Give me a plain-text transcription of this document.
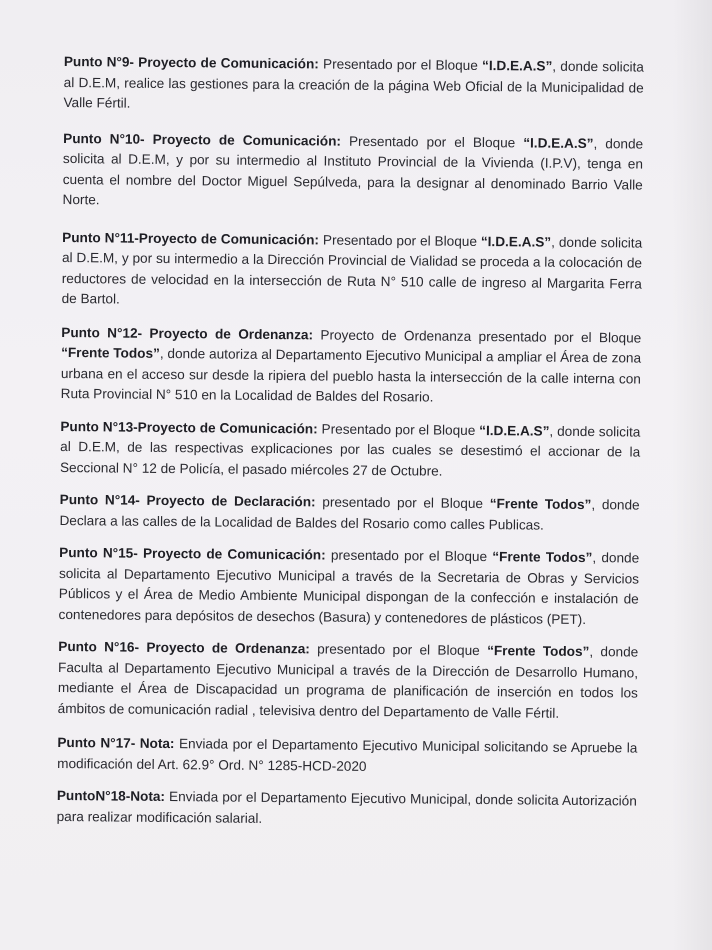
Punto N°9- Proyecto de Comunicación: Presentado por el Bloque “I.D.E.A.S”, donde solicita al D.E.M, realice las gestiones para la creación de la página Web Oficial de la Municipalidad de Valle Fértil.

Punto N°10- Proyecto de Comunicación: Presentado por el Bloque “I.D.E.A.S”, donde solicita al D.E.M, y por su intermedio al Instituto Provincial de la Vivienda (I.P.V), tenga en cuenta el nombre del Doctor Miguel Sepúlveda, para la designar al denominado Barrio Valle Norte.

Punto N°11-Proyecto de Comunicación: Presentado por el Bloque “I.D.E.A.S”, donde solicita al D.E.M, y por su intermedio a la Dirección Provincial de Vialidad se proceda a la colocación de reductores de velocidad en la intersección de Ruta N° 510 calle de ingreso al Margarita Ferra de Bartol.

Punto N°12- Proyecto de Ordenanza: Proyecto de Ordenanza presentado por el Bloque “Frente Todos”, donde autoriza al Departamento Ejecutivo Municipal a ampliar el Área de zona urbana en el acceso sur desde la ripiera del pueblo hasta la intersección de la calle interna con Ruta Provincial N° 510 en la Localidad de Baldes del Rosario.

Punto N°13-Proyecto de Comunicación: Presentado por el Bloque “I.D.E.A.S”, donde solicita al D.E.M, de las respectivas explicaciones por las cuales se desestimó el accionar de la Seccional N° 12 de Policía, el pasado miércoles 27 de Octubre.

Punto N°14- Proyecto de Declaración: presentado por el Bloque “Frente Todos”, donde Declara a las calles de la Localidad de Baldes del Rosario como calles Publicas.

Punto N°15- Proyecto de Comunicación: presentado por el Bloque “Frente Todos”, donde solicita al Departamento Ejecutivo Municipal a través de la Secretaria de Obras y Servicios Públicos y el Área de Medio Ambiente Municipal dispongan de la confección e instalación de contenedores para depósitos de desechos (Basura) y contenedores de plásticos (PET).

Punto N°16- Proyecto de Ordenanza: presentado por el Bloque “Frente Todos”, donde Faculta al Departamento Ejecutivo Municipal a través de la Dirección de Desarrollo Humano, mediante el Área de Discapacidad un programa de planificación de inserción en todos los ámbitos de comunicación radial , televisiva dentro del Departamento de Valle Fértil.

Punto N°17- Nota: Enviada por el Departamento Ejecutivo Municipal solicitando se Apruebe la modificación del Art. 62.9° Ord. N° 1285-HCD-2020

PuntoN°18-Nota: Enviada por el Departamento Ejecutivo Municipal, donde solicita Autorización para realizar modificación salarial.
